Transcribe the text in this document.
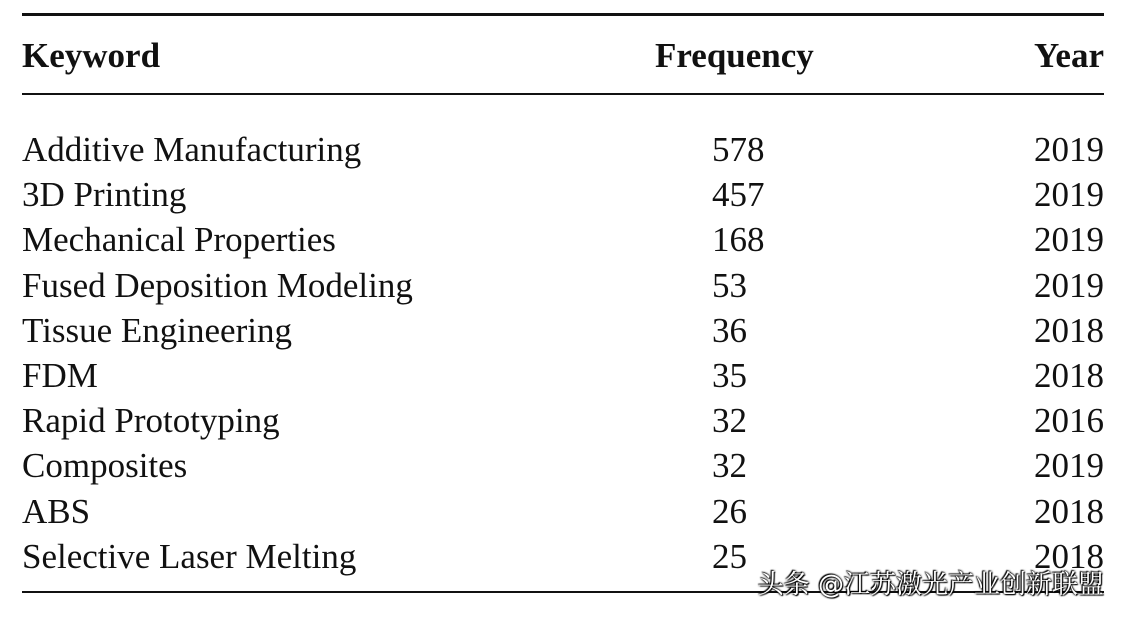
Keyword	Frequency	Year
Additive Manufacturing	578	2019
3D Printing	457	2019
Mechanical Properties	168	2019
Fused Deposition Modeling	53	2019
Tissue Engineering	36	2018
FDM	35	2018
Rapid Prototyping	32	2016
Composites	32	2019
ABS	26	2018
Selective Laser Melting	25	2018
头条 @江苏激光产业创新联盟
